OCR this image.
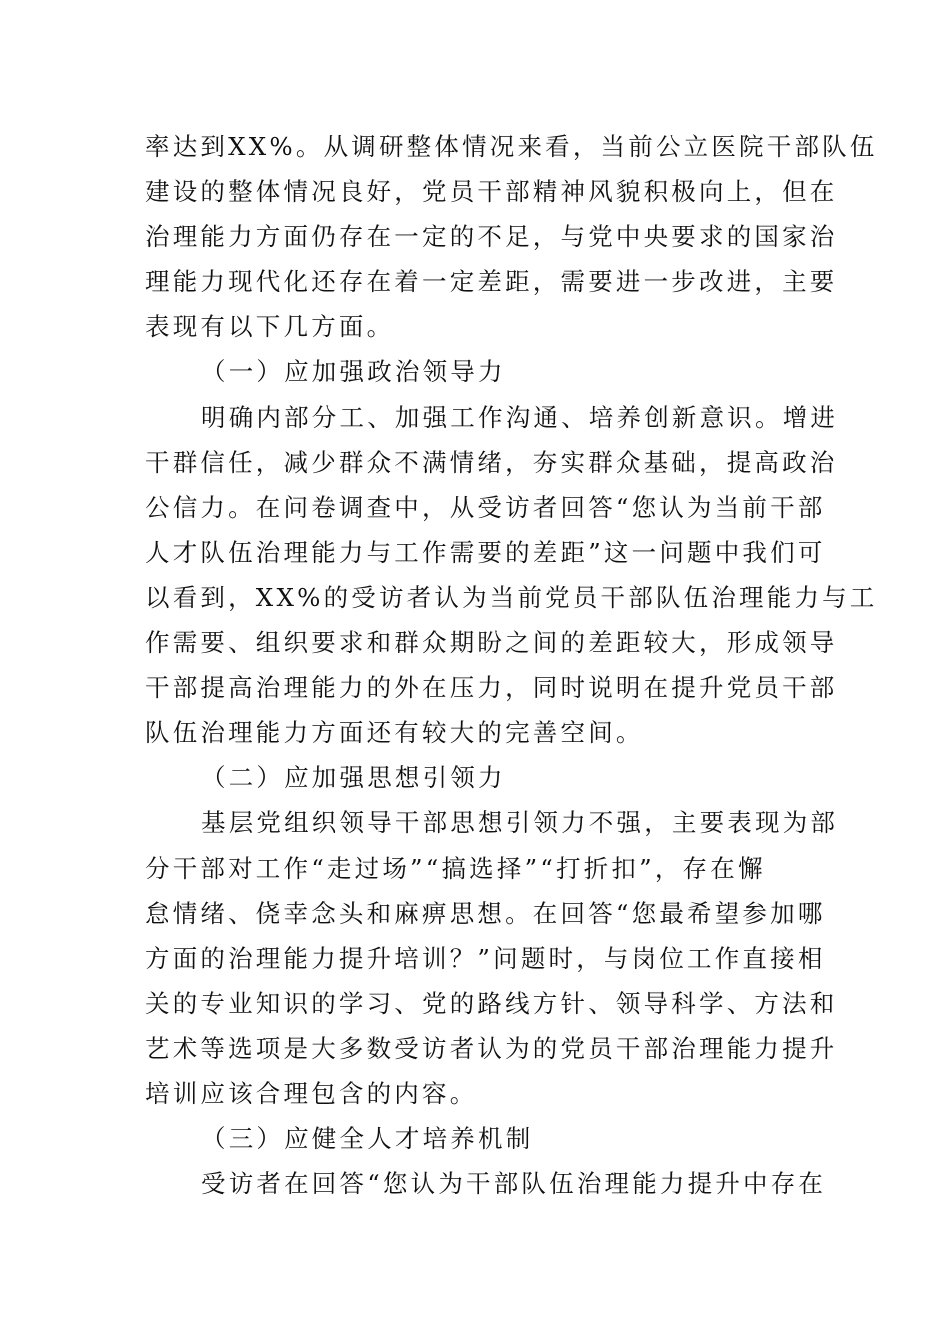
率达到XX%。从调研整体情况来看，当前公立医院干部队伍
建设的整体情况良好，党员干部精神风貌积极向上，但在
治理能力方面仍存在一定的不足，与党中央要求的国家治
理能力现代化还存在着一定差距，需要进一步改进，主要
表现有以下几方面。
（一）应加强政治领导力
明确内部分工、加强工作沟通、培养创新意识。增进
干群信任，减少群众不满情绪，夯实群众基础，提高政治
公信力。在问卷调查中，从受访者回答“您认为当前干部
人才队伍治理能力与工作需要的差距”这一问题中我们可
以看到，XX%的受访者认为当前党员干部队伍治理能力与工
作需要、组织要求和群众期盼之间的差距较大，形成领导
干部提高治理能力的外在压力，同时说明在提升党员干部
队伍治理能力方面还有较大的完善空间。
（二）应加强思想引领力
基层党组织领导干部思想引领力不强，主要表现为部
分干部对工作“走过场”“搞选择”“打折扣”，存在懈
怠情绪、侥幸念头和麻痹思想。在回答“您最希望参加哪
方面的治理能力提升培训？”问题时，与岗位工作直接相
关的专业知识的学习、党的路线方针、领导科学、方法和
艺术等选项是大多数受访者认为的党员干部治理能力提升
培训应该合理包含的内容。
（三）应健全人才培养机制
受访者在回答“您认为干部队伍治理能力提升中存在
